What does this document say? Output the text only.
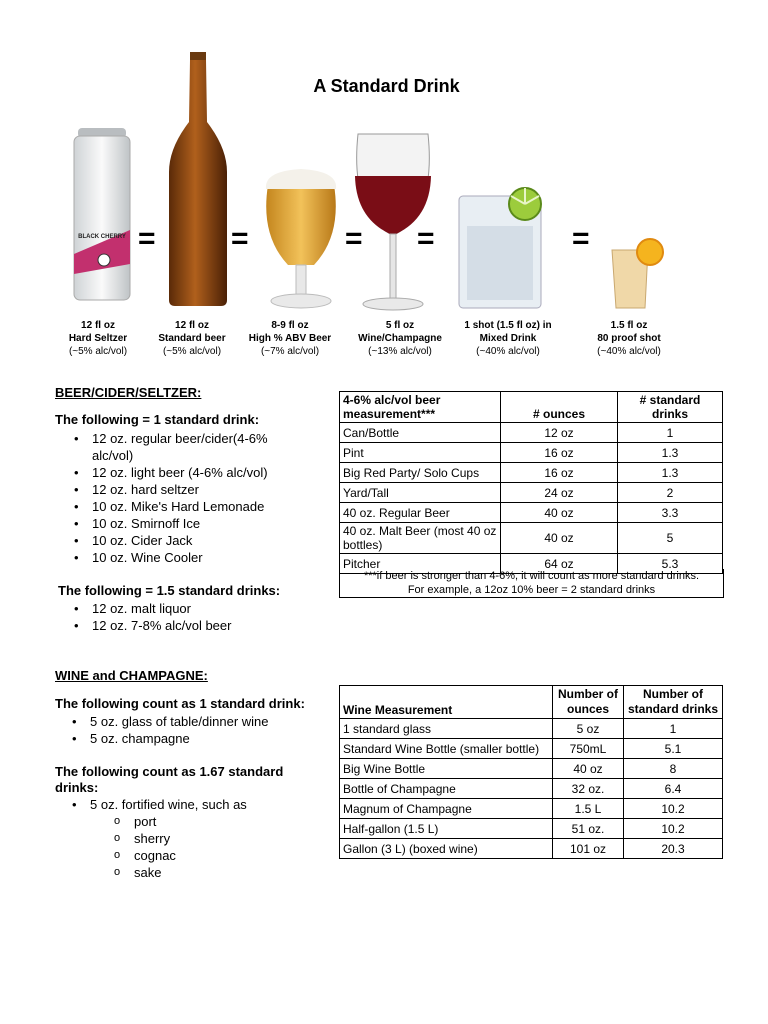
A Standard Drink
BLACK CHERRY =	=	= =	=
12 fl oz
Hard Seltzer
(~5% alc/vol)
12 fl oz
Standard beer
(~5% alc/vol)
8-9 fl oz
High % ABV Beer
(~7% alc/vol)
5 fl oz
Wine/Champagne
(~13% alc/vol)
1 shot (1.5 fl oz) in
Mixed Drink
(~40% alc/vol)
1.5 fl oz
80 proof shot
(~40% alc/vol)
BEER/CIDER/SELTZER:
The following = 1 standard drink:
• 12 oz. regular beer/cider(4-6% alc/vol)
• 12 oz. light beer (4-6% alc/vol)
• 12 oz. hard seltzer
• 10 oz. Mike's Hard Lemonade
• 10 oz. Smirnoff Ice
• 10 oz. Cider Jack
• 10 oz. Wine Cooler
The following = 1.5 standard drinks:
• 12 oz. malt liquor
• 12 oz. 7-8% alc/vol beer
4-6% alc/vol beer measurement***	# ounces	# standard drinks
Can/Bottle	12 oz	1
Pint	16 oz	1.3
Big Red Party/ Solo Cups	16 oz	1.3
Yard/Tall	24 oz	2
40 oz. Regular Beer	40 oz	3.3
40 oz. Malt Beer (most 40 oz bottles)	40 oz	5
Pitcher	64 oz	5.3
***if beer is stronger than 4-6%, it will count as more standard drinks.
For example, a 12oz 10% beer = 2 standard drinks
WINE and CHAMPAGNE:
The following count as 1 standard drink:
• 5 oz. glass of table/dinner wine
• 5 oz. champagne
The following count as 1.67 standard drinks:
• 5 oz. fortified wine, such as
o port
o sherry
o cognac
o sake
Wine Measurement	Number of ounces	Number of standard drinks
1 standard glass	5 oz	1
Standard Wine Bottle (smaller bottle)	750mL	5.1
Big Wine Bottle	40 oz	8
Bottle of Champagne	32 oz.	6.4
Magnum of Champagne	1.5 L	10.2
Half-gallon (1.5 L)	51 oz.	10.2
Gallon (3 L) (boxed wine)	101 oz	20.3
